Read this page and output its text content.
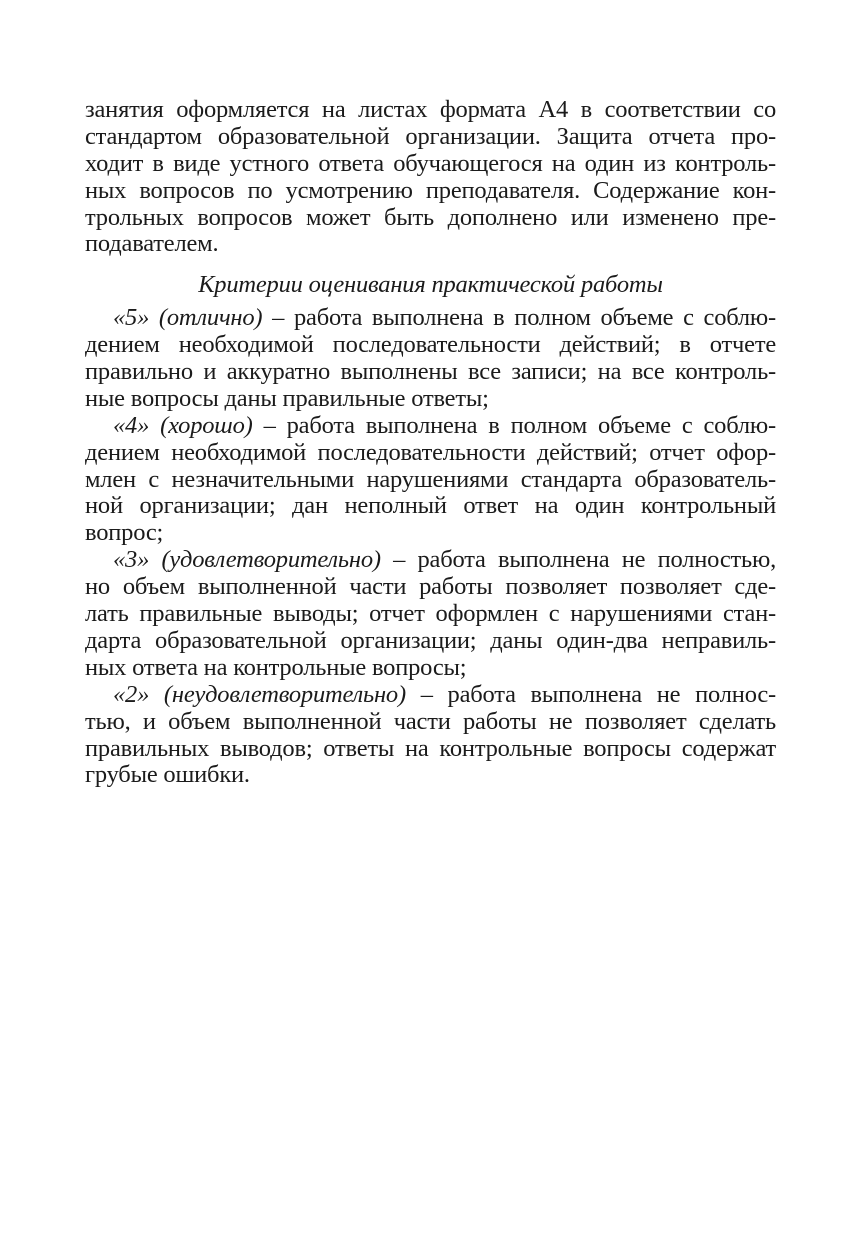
занятия оформляется на листах формата А4 в соответствии со
стандартом образовательной организации. Защита отчета про-
ходит в виде устного ответа обучающегося на один из контроль-
ных вопросов по усмотрению преподавателя. Содержание кон-
трольных вопросов может быть дополнено или изменено пре-
подавателем.

Критерии оценивания практической работы

«5» (отлично) – работа выполнена в полном объеме с соблю-
дением необходимой последовательности действий; в отчете
правильно и аккуратно выполнены все записи; на все контроль-
ные вопросы даны правильные ответы;

«4» (хорошо) – работа выполнена в полном объеме с соблю-
дением необходимой последовательности действий; отчет офор-
млен с незначительными нарушениями стандарта образователь-
ной организации; дан неполный ответ на один контрольный
вопрос;

«3» (удовлетворительно) – работа выполнена не полностью,
но объем выполненной части работы позволяет позволяет сде-
лать правильные выводы; отчет оформлен с нарушениями стан-
дарта образовательной организации; даны один-два неправиль-
ных ответа на контрольные вопросы;

«2» (неудовлетворительно) – работа выполнена не полнос-
тью, и объем выполненной части работы не позволяет сделать
правильных выводов; ответы на контрольные вопросы содержат
грубые ошибки.
